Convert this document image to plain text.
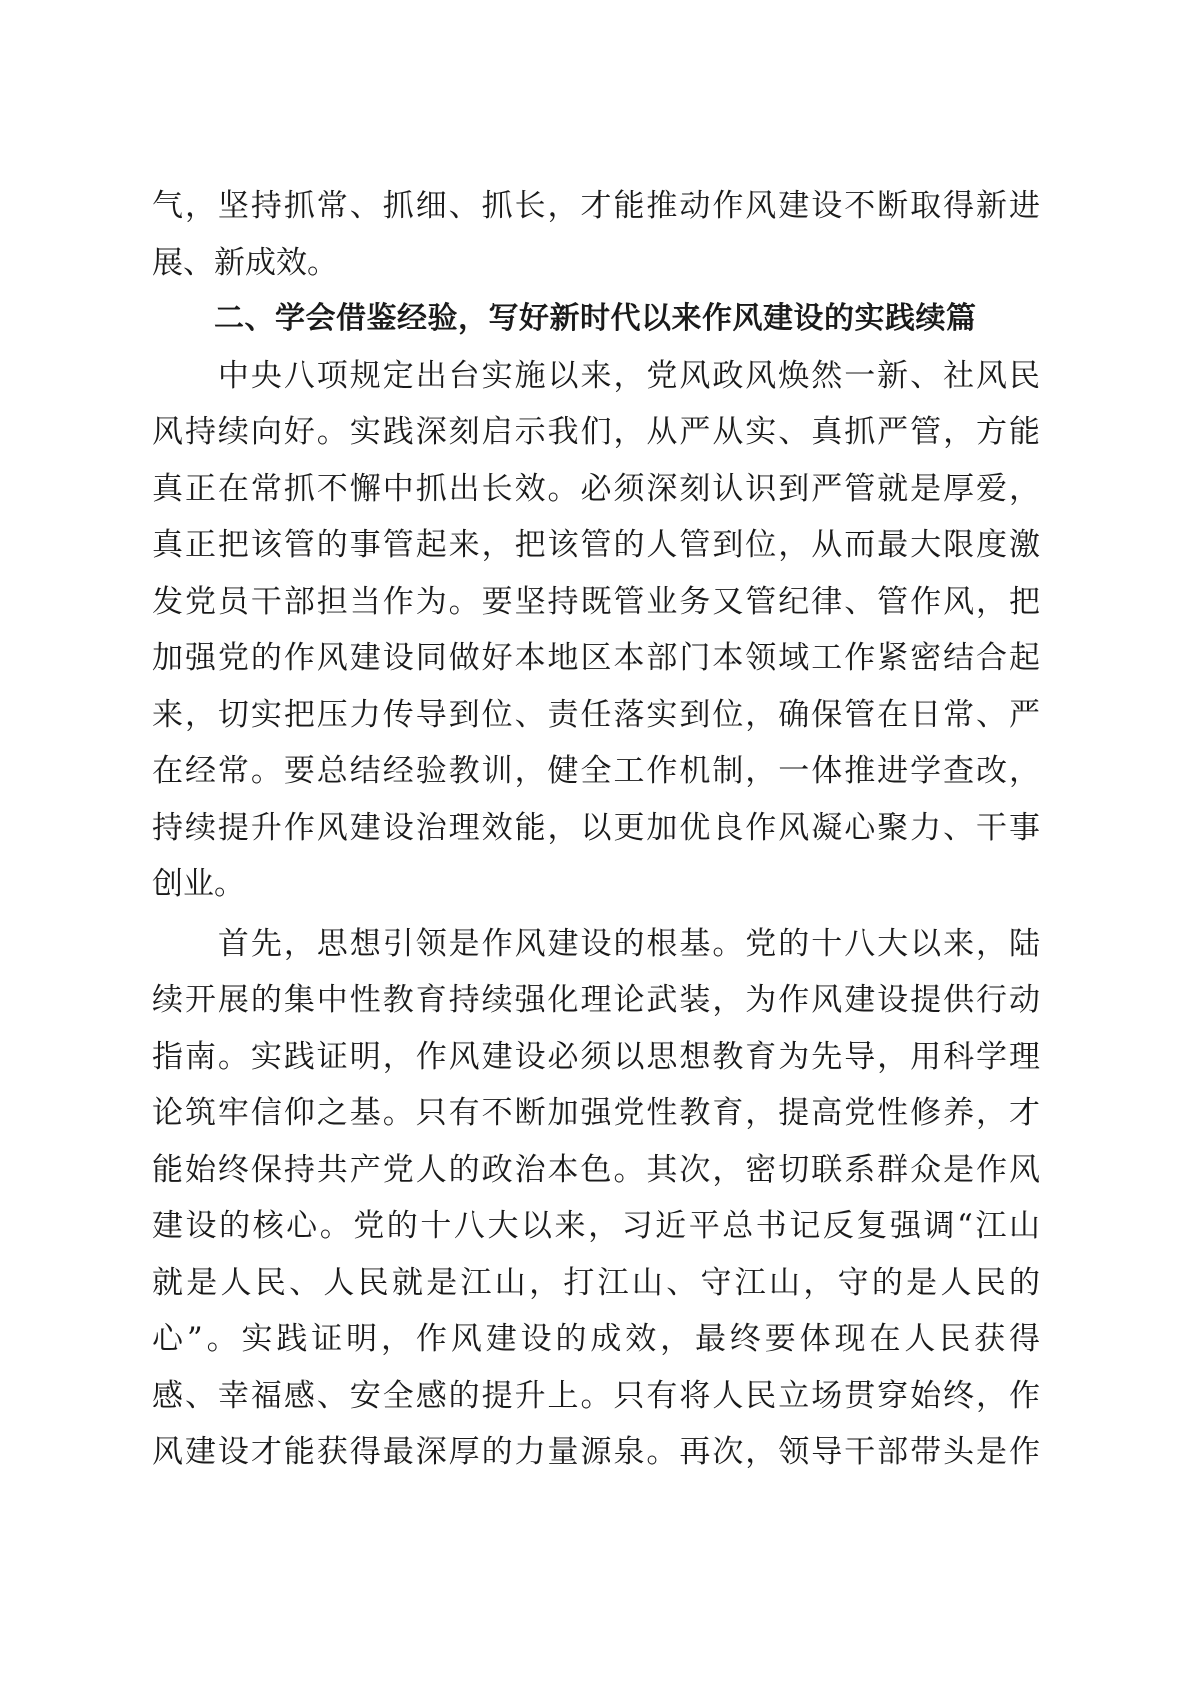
气，坚持抓常、抓细、抓长，才能推动作风建设不断取得新进
展、新成效。
二、学会借鉴经验，写好新时代以来作风建设的实践续篇
　　中央八项规定出台实施以来，党风政风焕然一新、社风民
风持续向好。实践深刻启示我们，从严从实、真抓严管，方能
真正在常抓不懈中抓出长效。必须深刻认识到严管就是厚爱，
真正把该管的事管起来，把该管的人管到位，从而最大限度激
发党员干部担当作为。要坚持既管业务又管纪律、管作风，把
加强党的作风建设同做好本地区本部门本领域工作紧密结合起
来，切实把压力传导到位、责任落实到位，确保管在日常、严
在经常。要总结经验教训，健全工作机制，一体推进学查改，
持续提升作风建设治理效能，以更加优良作风凝心聚力、干事
创业。
　　首先，思想引领是作风建设的根基。党的十八大以来，陆
续开展的集中性教育持续强化理论武装，为作风建设提供行动
指南。实践证明，作风建设必须以思想教育为先导，用科学理
论筑牢信仰之基。只有不断加强党性教育，提高党性修养，才
能始终保持共产党人的政治本色。其次，密切联系群众是作风
建设的核心。党的十八大以来，习近平总书记反复强调“江山
就是人民、人民就是江山，打江山、守江山，守的是人民的
心”。实践证明，作风建设的成效，最终要体现在人民获得
感、幸福感、安全感的提升上。只有将人民立场贯穿始终，作
风建设才能获得最深厚的力量源泉。再次，领导干部带头是作
